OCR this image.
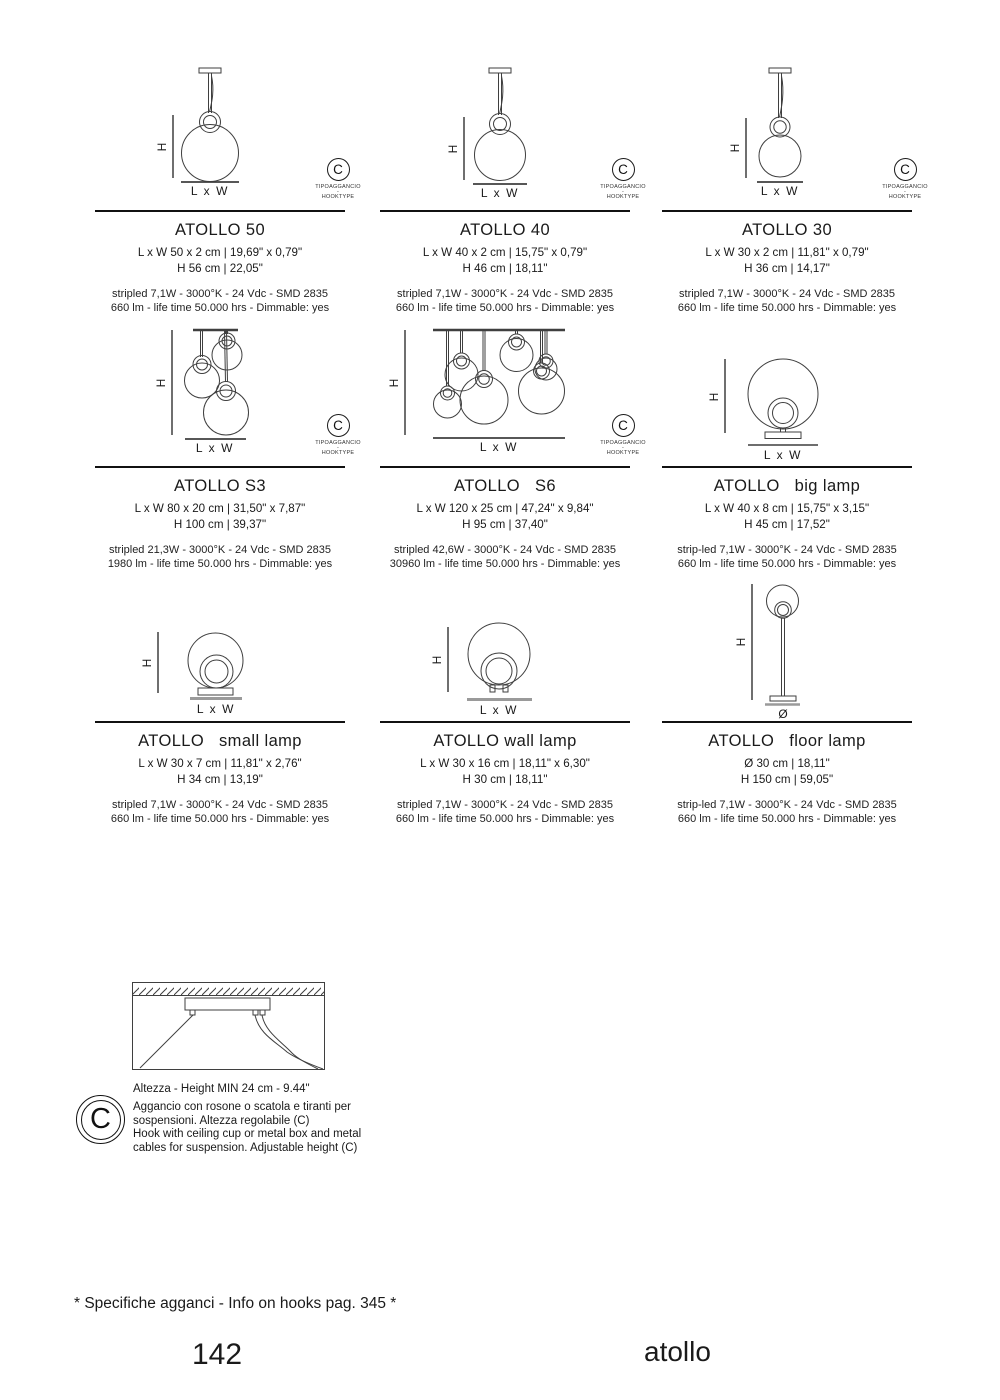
H
L x W
C
TIPOAGGANCIO
-
HOOKTYPE
ATOLLO 50
L x W 50 x 2 cm | 19,69" x 0,79"
H 56 cm | 22,05"
stripled 7,1W - 3000°K - 24 Vdc - SMD 2835
660 lm - life time 50.000 hrs - Dimmable: yes
H
L x W
C
TIPOAGGANCIO
-
HOOKTYPE
ATOLLO 40
L x W 40 x 2 cm | 15,75" x 0,79"
H 46 cm | 18,11"
stripled 7,1W - 3000°K - 24 Vdc - SMD 2835
660 lm - life time 50.000 hrs - Dimmable: yes
H
L x W
C
TIPOAGGANCIO
-
HOOKTYPE
ATOLLO 30
L x W 30 x 2 cm | 11,81" x 0,79"
H 36 cm | 14,17"
stripled 7,1W - 3000°K - 24 Vdc - SMD 2835
660 lm - life time 50.000 hrs - Dimmable: yes
H
L x W
C
TIPOAGGANCIO
-
HOOKTYPE
ATOLLO S3
L x W 80 x 20 cm | 31,50" x 7,87"
H 100 cm | 39,37"
stripled 21,3W - 3000°K - 24 Vdc - SMD 2835
1980 lm - life time 50.000 hrs - Dimmable: yes
H
L x W
C
TIPOAGGANCIO
-
HOOKTYPE
ATOLLO   S6
L x W 120 x 25 cm | 47,24" x 9,84"
H 95 cm | 37,40"
stripled 42,6W - 3000°K - 24 Vdc - SMD 2835
30960 lm - life time 50.000 hrs - Dimmable: yes
H
L x W
ATOLLO   big lamp
L x W 40 x 8 cm | 15,75" x 3,15"
H 45 cm | 17,52"
strip-led 7,1W - 3000°K - 24 Vdc - SMD 2835
660 lm - life time 50.000 hrs - Dimmable: yes
H
L x W
ATOLLO   small lamp
L x W 30 x 7 cm | 11,81" x 2,76"
H 34 cm | 13,19"
stripled 7,1W - 3000°K - 24 Vdc - SMD 2835
660 lm - life time 50.000 hrs - Dimmable: yes
H
L x W
ATOLLO wall lamp
L x W 30 x 16 cm | 18,11" x 6,30"
H 30 cm | 18,11"
stripled 7,1W - 3000°K - 24 Vdc - SMD 2835
660 lm - life time 50.000 hrs - Dimmable: yes
H
Ø
ATOLLO   floor lamp
Ø 30 cm | 18,11"
H 150 cm | 59,05"
strip-led 7,1W - 3000°K - 24 Vdc - SMD 2835
660 lm - life time 50.000 hrs - Dimmable: yes
Altezza - Height MIN 24 cm - 9.44"
C Aggancio con rosone o scatola e tiranti per sospensioni. Altezza regolabile (C)
Hook with ceiling cup or metal box and metal cables for suspension. Adjustable height (C)
* Specifiche agganci - Info on hooks pag. 345 *
142	atollo
